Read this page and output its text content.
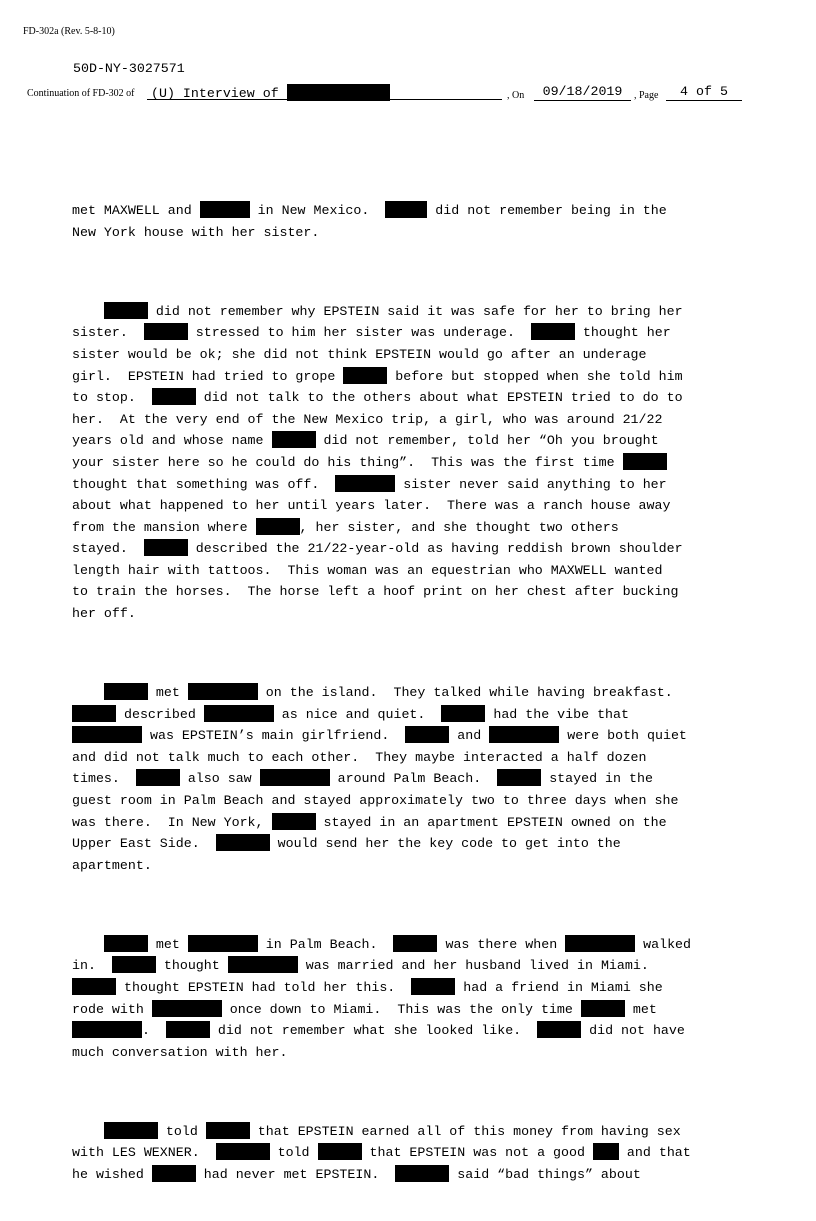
FD-302a (Rev. 5-8-10)
50D-NY-3027571
Continuation of FD-302 of	(U) Interview of	, On	09/18/2019	, Page	4 of 5

met MAXWELL and	in New Mexico.	did not remember being in the
New York house with her sister.

did not remember why EPSTEIN said it was safe for her to bring her
sister.	stressed to him her sister was underage.	thought her
sister would be ok; she did not think EPSTEIN would go after an underage
girl.  EPSTEIN had tried to grope	before but stopped when she told him
to stop.	did not talk to the others about what EPSTEIN tried to do to
her.  At the very end of the New Mexico trip, a girl, who was around 21/22
years old and whose name	did not remember, told her “Oh you brought
your sister here so he could do his thing”.  This was the first time
thought that something was off.	sister never said anything to her
about what happened to her until years later.  There was a ranch house away
from the mansion where	, her sister, and she thought two others
stayed.	described the 21/22-year-old as having reddish brown shoulder
length hair with tattoos.  This woman was an equestrian who MAXWELL wanted
to train the horses.  The horse left a hoof print on her chest after bucking
her off.

met	on the island.  They talked while having breakfast.
described	as nice and quiet.	had the vibe that
was EPSTEIN’s main girlfriend.	and	were both quiet
and did not talk much to each other.  They maybe interacted a half dozen
times.	also saw	around Palm Beach.	stayed in the
guest room in Palm Beach and stayed approximately two to three days when she
was there.  In New York,	stayed in an apartment EPSTEIN owned on the
Upper East Side.	would send her the key code to get into the
apartment.

met	in Palm Beach.	was there when	walked
in.	thought	was married and her husband lived in Miami.
thought EPSTEIN had told her this.	had a friend in Miami she
rode with	once down to Miami.  This was the only time	met
.	did not remember what she looked like.	did not have
much conversation with her.

told	that EPSTEIN earned all of this money from having sex
with LES WEXNER.	told	that EPSTEIN was not a good  and that
he wished	had never met EPSTEIN.	said “bad things” about
